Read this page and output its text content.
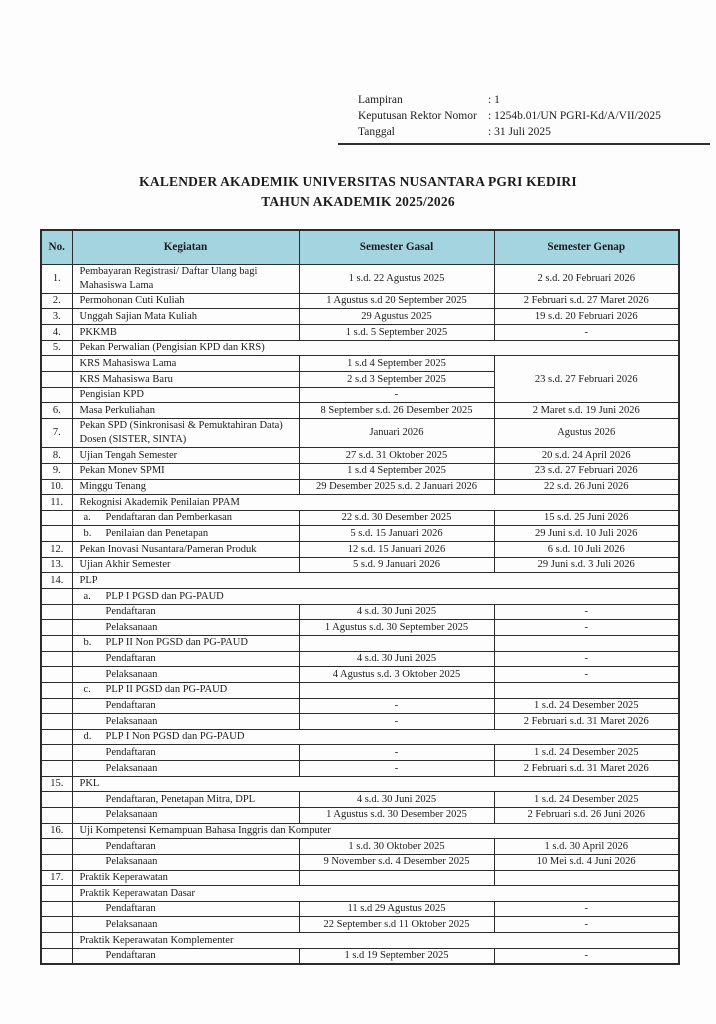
Lampiran	: 1
Keputusan Rektor Nomor : 1254b.01/UN PGRI-Kd/A/VII/2025
Tanggal	: 31 Juli 2025
KALENDER AKADEMIK UNIVERSITAS NUSANTARA PGRI KEDIRI
TAHUN AKADEMIK 2025/2026
No.	Kegiatan	Semester Gasal	Semester Genap
1.	Pembayaran Registrasi/ Daftar Ulang bagi Mahasiswa Lama	1 s.d. 22 Agustus 2025	2 s.d. 20 Februari 2026
2.	Permohonan Cuti Kuliah	1 Agustus s.d 20 September 2025	2 Februari s.d. 27 Maret 2026
3.	Unggah Sajian Mata Kuliah	29 Agustus 2025	19 s.d. 20 Februari 2026
4.	PKKMB	1 s.d. 5 September 2025	-
5.	Pekan Perwalian (Pengisian KPD dan KRS)		
	KRS Mahasiswa Lama	1 s.d 4 September 2025	23 s.d. 27 Februari 2026
	KRS Mahasiswa Baru	2 s.d 3 September 2025	
	Pengisian KPD	-	
6.	Masa Perkuliahan	8 September s.d. 26 Desember 2025	2 Maret s.d. 19 Juni 2026
7.	Pekan SPD (Sinkronisasi & Pemuktahiran Data) Dosen (SISTER, SINTA)	Januari 2026	Agustus 2026
8.	Ujian Tengah Semester	27 s.d. 31 Oktober 2025	20 s.d. 24 April 2026
9.	Pekan Monev SPMI	1 s.d 4 September 2025	23 s.d. 27 Februari 2026
10.	Minggu Tenang	29 Desember 2025 s.d. 2 Januari 2026	22 s.d. 26 Juni 2026
11.	Rekognisi Akademik Penilaian PPAM		
	a. Pendaftaran dan Pemberkasan	22 s.d. 30 Desember 2025	15 s.d. 25 Juni 2026
	b. Penilaian dan Penetapan	5 s.d. 15 Januari 2026	29 Juni s.d. 10 Juli 2026
12.	Pekan Inovasi Nusantara/Pameran Produk	12 s.d. 15 Januari 2026	6 s.d. 10 Juli 2026
13.	Ujian Akhir Semester	5 s.d. 9 Januari 2026	29 Juni s.d. 3 Juli 2026
14.	PLP		
	a. PLP I PGSD dan PG-PAUD		
	Pendaftaran	4 s.d. 30 Juni 2025	-
	Pelaksanaan	1 Agustus s.d. 30 September 2025	-
	b. PLP II Non PGSD dan PG-PAUD		
	Pendaftaran	4 s.d. 30 Juni 2025	-
	Pelaksanaan	4 Agustus s.d. 3 Oktober 2025	-
	c. PLP II PGSD dan PG-PAUD		
	Pendaftaran	-	1 s.d. 24 Desember 2025
	Pelaksanaan	-	2 Februari s.d. 31 Maret 2026
	d. PLP I Non PGSD dan PG-PAUD		
	Pendaftaran	-	1 s.d. 24 Desember 2025
	Pelaksanaan	-	2 Februari s.d. 31 Maret 2026
15.	PKL		
	Pendaftaran, Penetapan Mitra, DPL	4 s.d. 30 Juni 2025	1 s.d. 24 Desember 2025
	Pelaksanaan	1 Agustus s.d. 30 Desember 2025	2 Februari s.d. 26 Juni 2026
16.	Uji Kompetensi Kemampuan Bahasa Inggris dan Komputer		
	Pendaftaran	1 s.d. 30 Oktober 2025	1 s.d. 30 April 2026
	Pelaksanaan	9 November s.d. 4 Desember 2025	10 Mei s.d. 4 Juni 2026
17.	Praktik Keperawatan		
	Praktik Keperawatan Dasar		
	Pendaftaran	11 s.d 29 Agustus 2025	-
	Pelaksanaan	22 September s.d 11 Oktober 2025	-
	Praktik Keperawatan Komplementer		
	Pendaftaran	1 s.d 19 September 2025	-
